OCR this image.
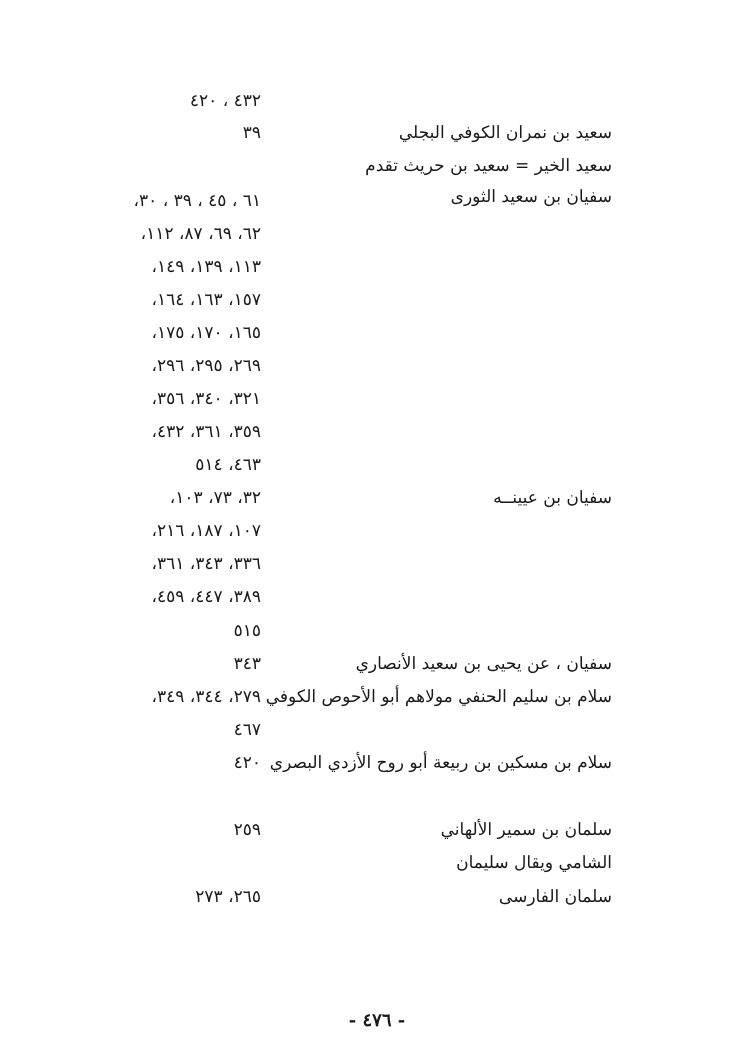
٤٣٢ ، ٤٢٠
سعيد بن نمران الكوفي البجلي
٣٩
سعيد الخير = سعيد بن حريث تقدم
سفيان بن سعيد الثورى
٦١ ، ٤٥ ، ٣٩ ، ٣٠،
٦٢، ٦٩، ٨٧، ١١٢،
١١٣، ١٣٩، ١٤٩،
١٥٧، ١٦٣، ١٦٤،
١٦٥، ١٧٠، ١٧٥،
٢٦٩، ٢٩٥، ٢٩٦،
٣٢١، ٣٤٠، ٣٥٦،
٣٥٩، ٣٦١، ٤٣٢،
٤٦٣، ٥١٤
سفيان بن عيينــه
٣٢، ٧٣، ١٠٣،
١٠٧، ١٨٧، ٢١٦،
٣٣٦، ٣٤٣، ٣٦١،
٣٨٩، ٤٤٧، ٤٥٩،
٥١٥
سفيان ، عن يحيى بن سعيد الأنصاري
٣٤٣
سلام بن سليم الحنفي مولاهم أبو الأحوص الكوفي
٢٧٩، ٣٤٤، ٣٤٩،
٤٦٧
سلام بن مسكين بن ربيعة أبو روح الأزدي البصري
٤٢٠
سلمان بن سمير الألهاني
٢٥٩
الشامي ويقال سليمان
سلمان الفارسى
٢٦٥، ٢٧٣
- ٤٧٦ -
